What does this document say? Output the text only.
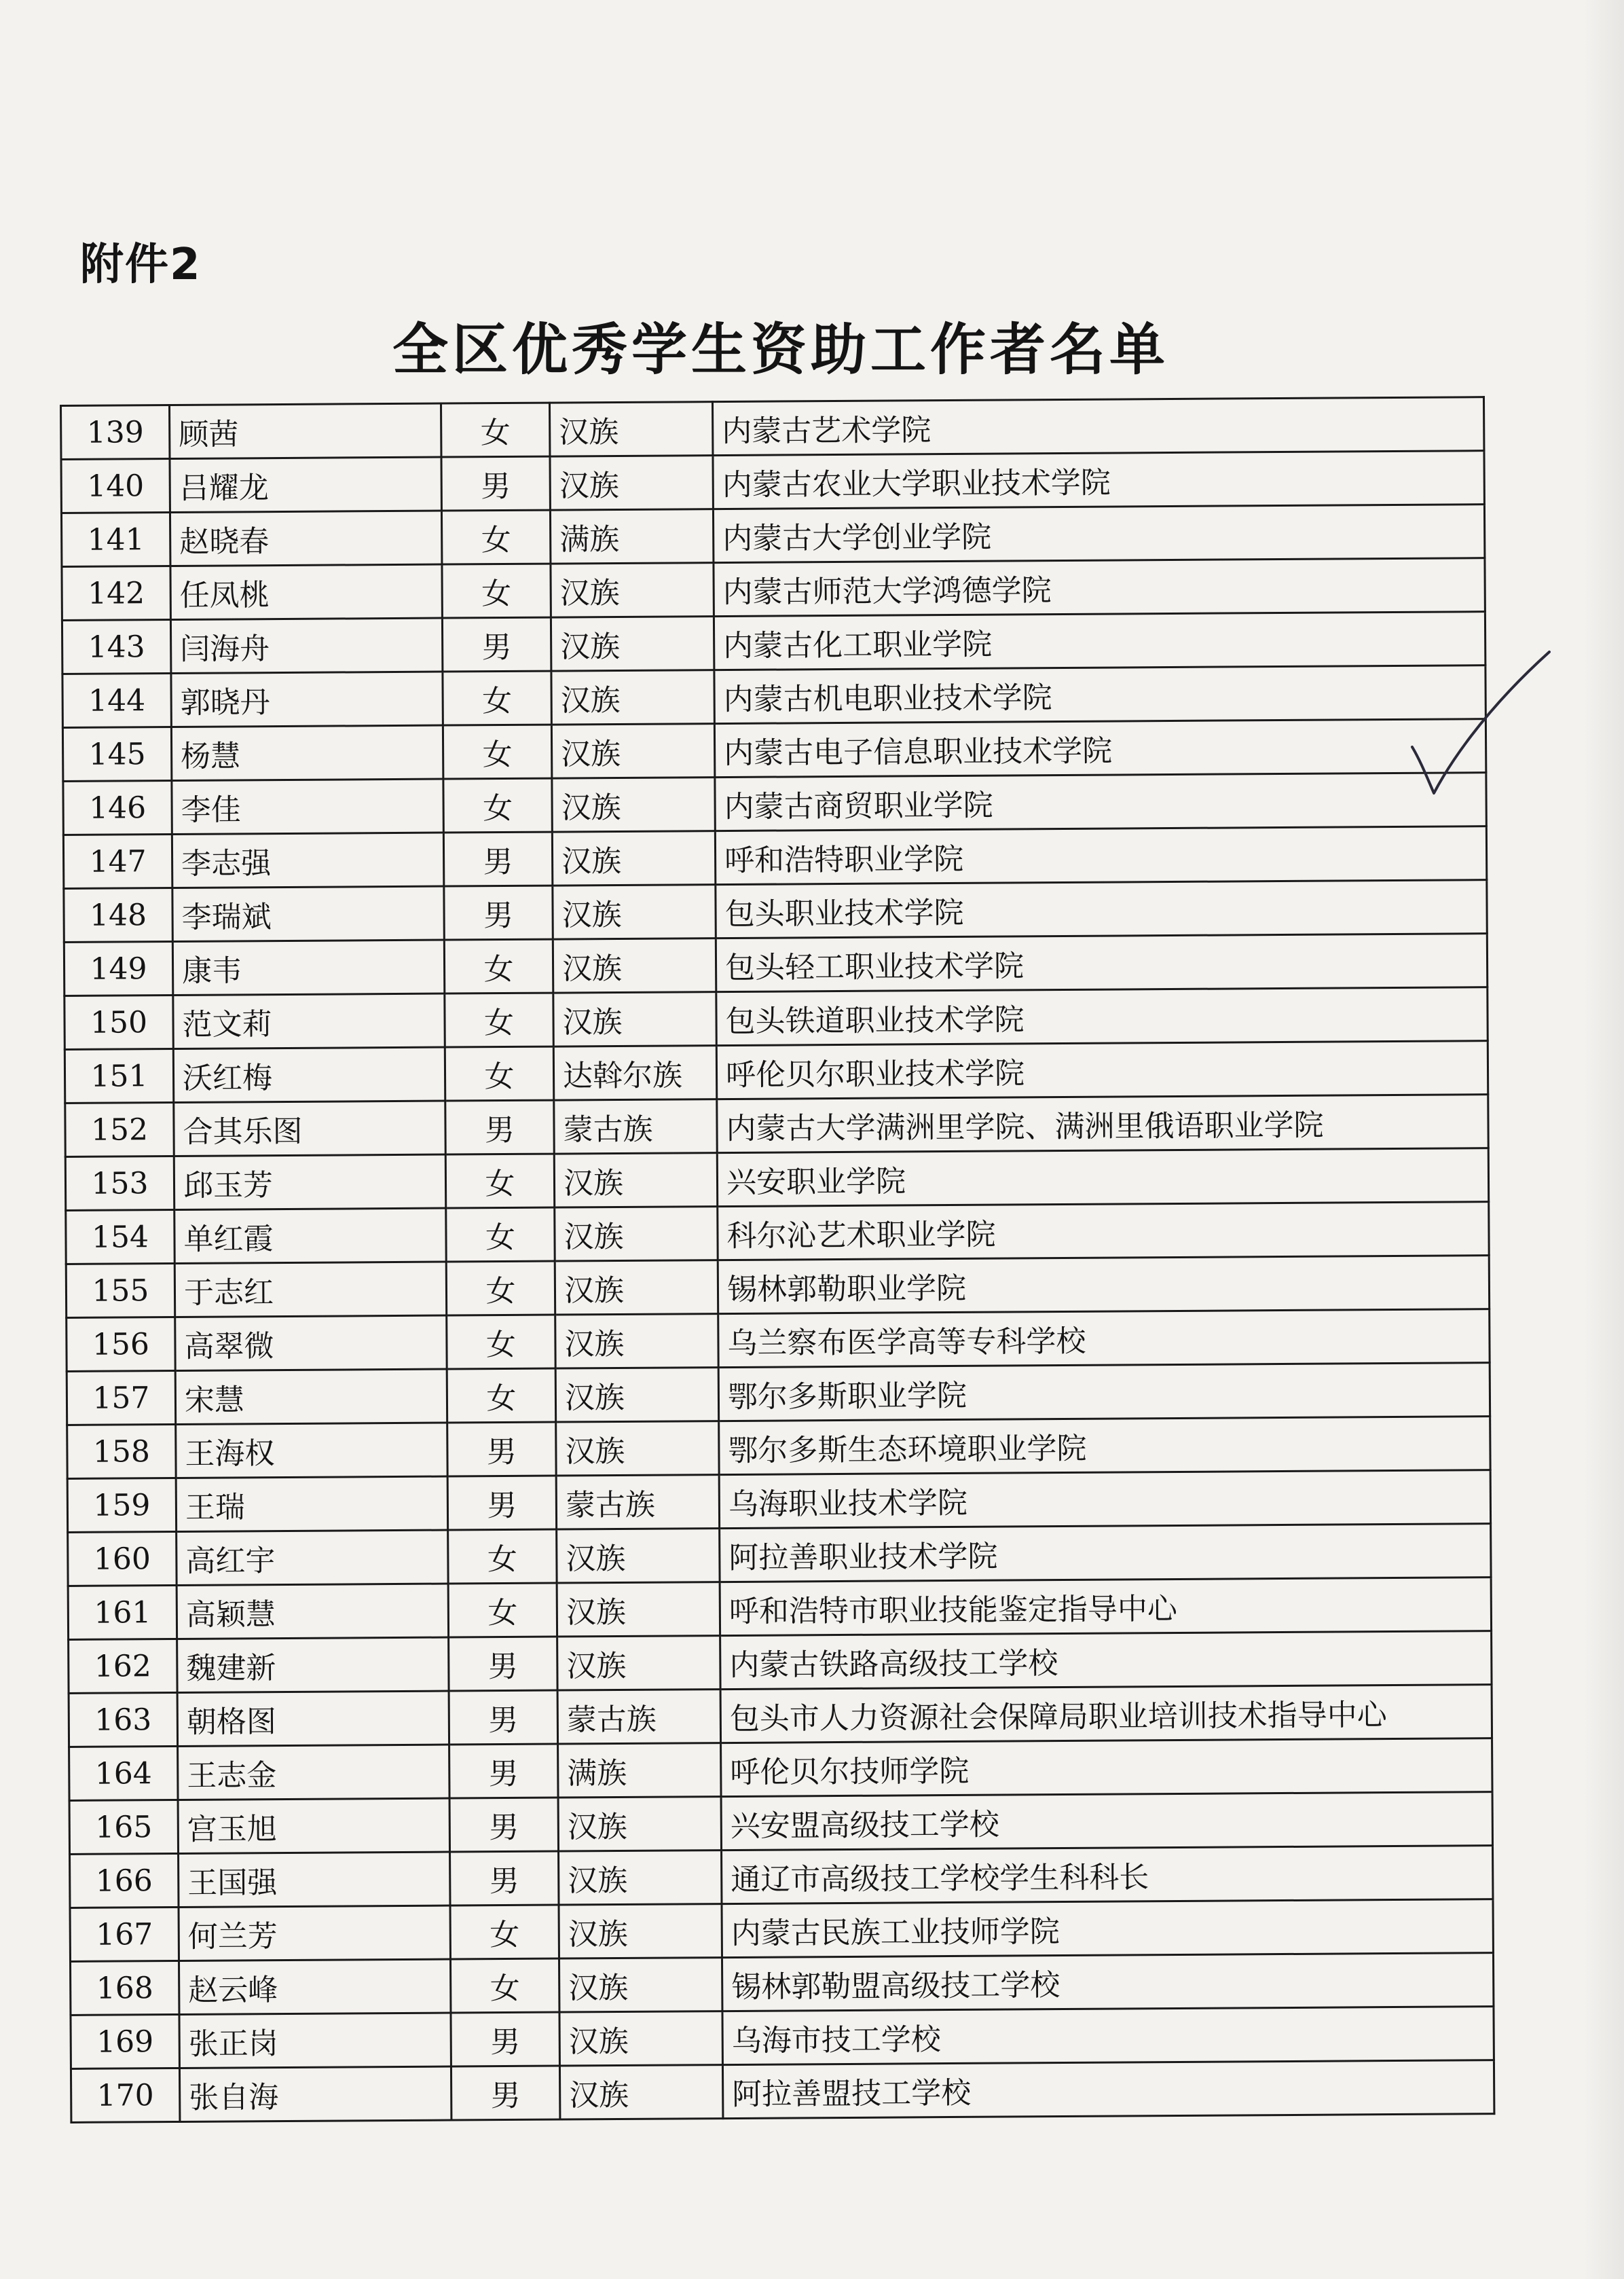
附件2
全区优秀学生资助工作者名单
139	顾茜	女	汉族	内蒙古艺术学院
140	吕耀龙	男	汉族	内蒙古农业大学职业技术学院
141	赵晓春	女	满族	内蒙古大学创业学院
142	任凤桃	女	汉族	内蒙古师范大学鸿德学院
143	闫海舟	男	汉族	内蒙古化工职业学院
144	郭晓丹	女	汉族	内蒙古机电职业技术学院
145	杨慧	女	汉族	内蒙古电子信息职业技术学院
146	李佳	女	汉族	内蒙古商贸职业学院
147	李志强	男	汉族	呼和浩特职业学院
148	李瑞斌	男	汉族	包头职业技术学院
149	康韦	女	汉族	包头轻工职业技术学院
150	范文莉	女	汉族	包头铁道职业技术学院
151	沃红梅	女	达斡尔族	呼伦贝尔职业技术学院
152	合其乐图	男	蒙古族	内蒙古大学满洲里学院、满洲里俄语职业学院
153	邱玉芳	女	汉族	兴安职业学院
154	单红霞	女	汉族	科尔沁艺术职业学院
155	于志红	女	汉族	锡林郭勒职业学院
156	高翠微	女	汉族	乌兰察布医学高等专科学校
157	宋慧	女	汉族	鄂尔多斯职业学院
158	王海权	男	汉族	鄂尔多斯生态环境职业学院
159	王瑞	男	蒙古族	乌海职业技术学院
160	高红宇	女	汉族	阿拉善职业技术学院
161	高颖慧	女	汉族	呼和浩特市职业技能鉴定指导中心
162	魏建新	男	汉族	内蒙古铁路高级技工学校
163	朝格图	男	蒙古族	包头市人力资源社会保障局职业培训技术指导中心
164	王志金	男	满族	呼伦贝尔技师学院
165	宫玉旭	男	汉族	兴安盟高级技工学校
166	王国强	男	汉族	通辽市高级技工学校学生科科长
167	何兰芳	女	汉族	内蒙古民族工业技师学院
168	赵云峰	女	汉族	锡林郭勒盟高级技工学校
169	张正岗	男	汉族	乌海市技工学校
170	张自海	男	汉族	阿拉善盟技工学校
